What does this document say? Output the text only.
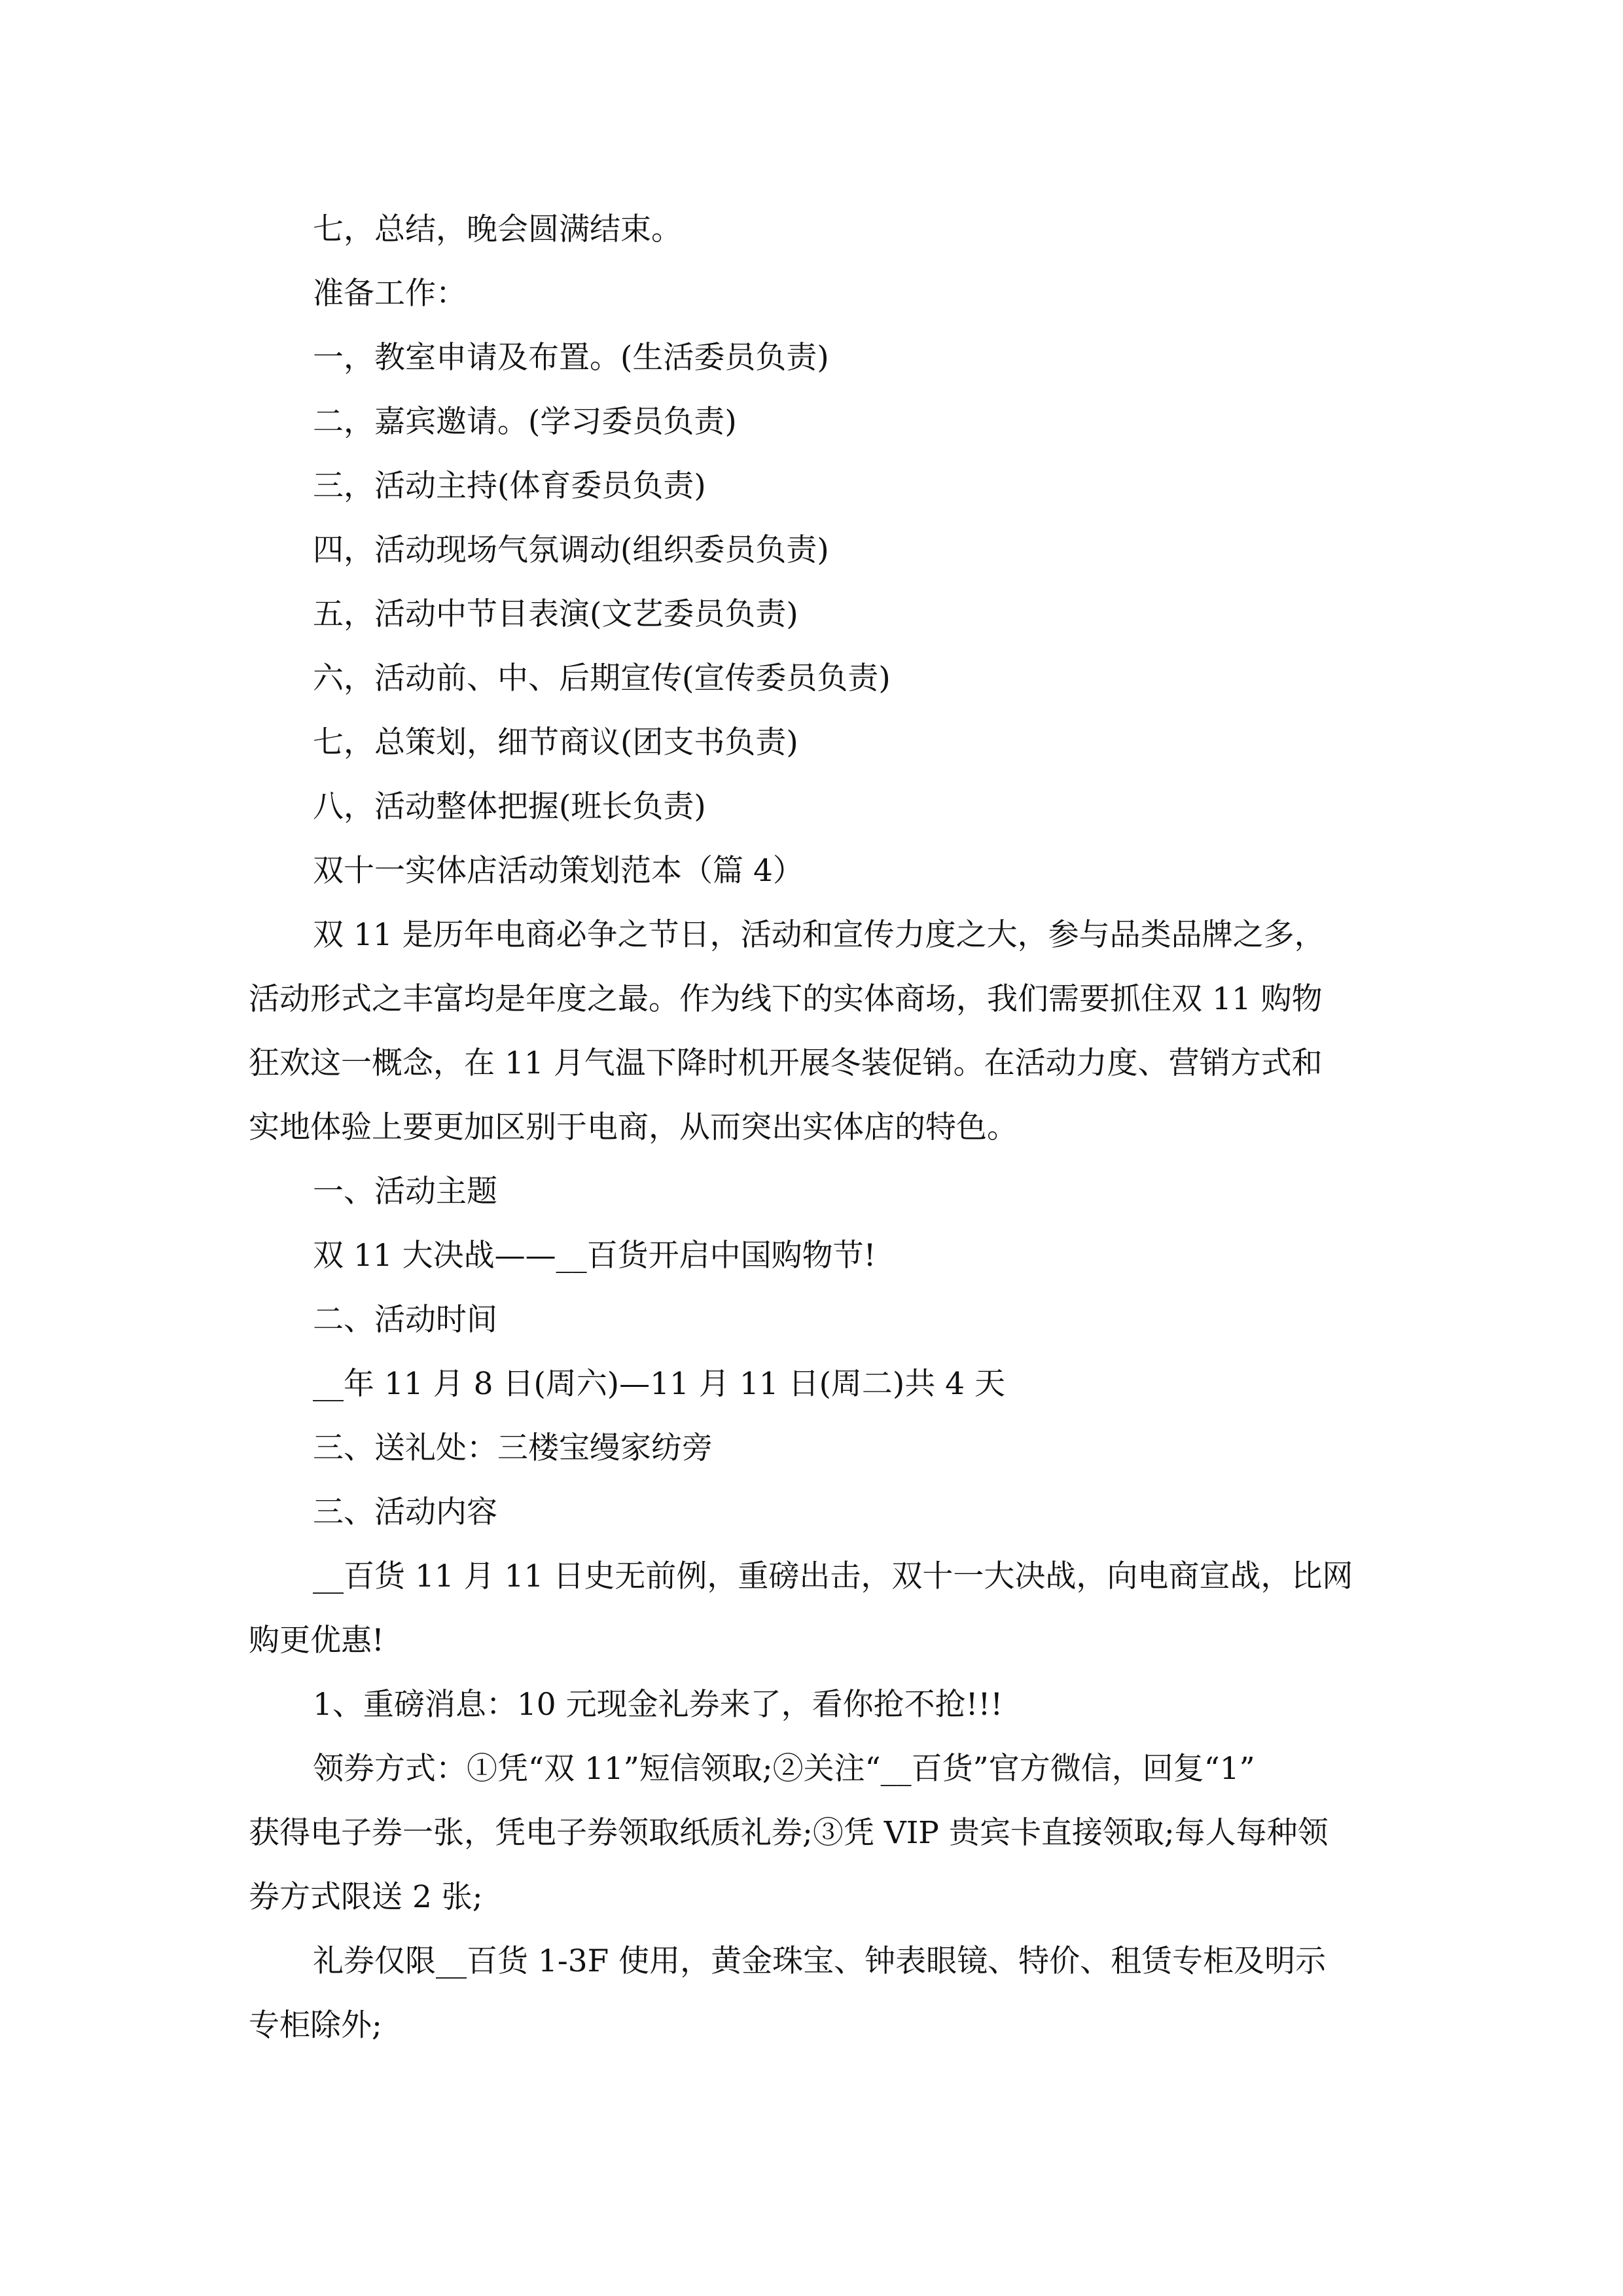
七，总结，晚会圆满结束。

准备工作：

一，教室申请及布置。(生活委员负责)

二，嘉宾邀请。(学习委员负责)

三，活动主持(体育委员负责)

四，活动现场气氛调动(组织委员负责)

五，活动中节目表演(文艺委员负责)

六，活动前、中、后期宣传(宣传委员负责)

七，总策划，细节商议(团支书负责)

八，活动整体把握(班长负责)

双十一实体店活动策划范本（篇 4）

双 11 是历年电商必争之节日，活动和宣传力度之大，参与品类品牌之多，

活动形式之丰富均是年度之最。作为线下的实体商场，我们需要抓住双 11 购物

狂欢这一概念，在 11 月气温下降时机开展冬装促销。在活动力度、营销方式和

实地体验上要更加区别于电商，从而突出实体店的特色。

一、活动主题

双 11 大决战——__百货开启中国购物节!

二、活动时间

__年 11 月 8 日(周六)—11 月 11 日(周二)共 4 天

三、送礼处：三楼宝缦家纺旁

三、活动内容

__百货 11 月 11 日史无前例，重磅出击，双十一大决战，向电商宣战，比网

购更优惠!

1、重磅消息：10 元现金礼券来了，看你抢不抢!!!

领券方式：①凭“双 11”短信领取;②关注“__百货”官方微信，回复“1”

获得电子券一张，凭电子券领取纸质礼券;③凭 VIP 贵宾卡直接领取;每人每种领

券方式限送 2 张;

礼券仅限__百货 1-3F 使用，黄金珠宝、钟表眼镜、特价、租赁专柜及明示

专柜除外;
